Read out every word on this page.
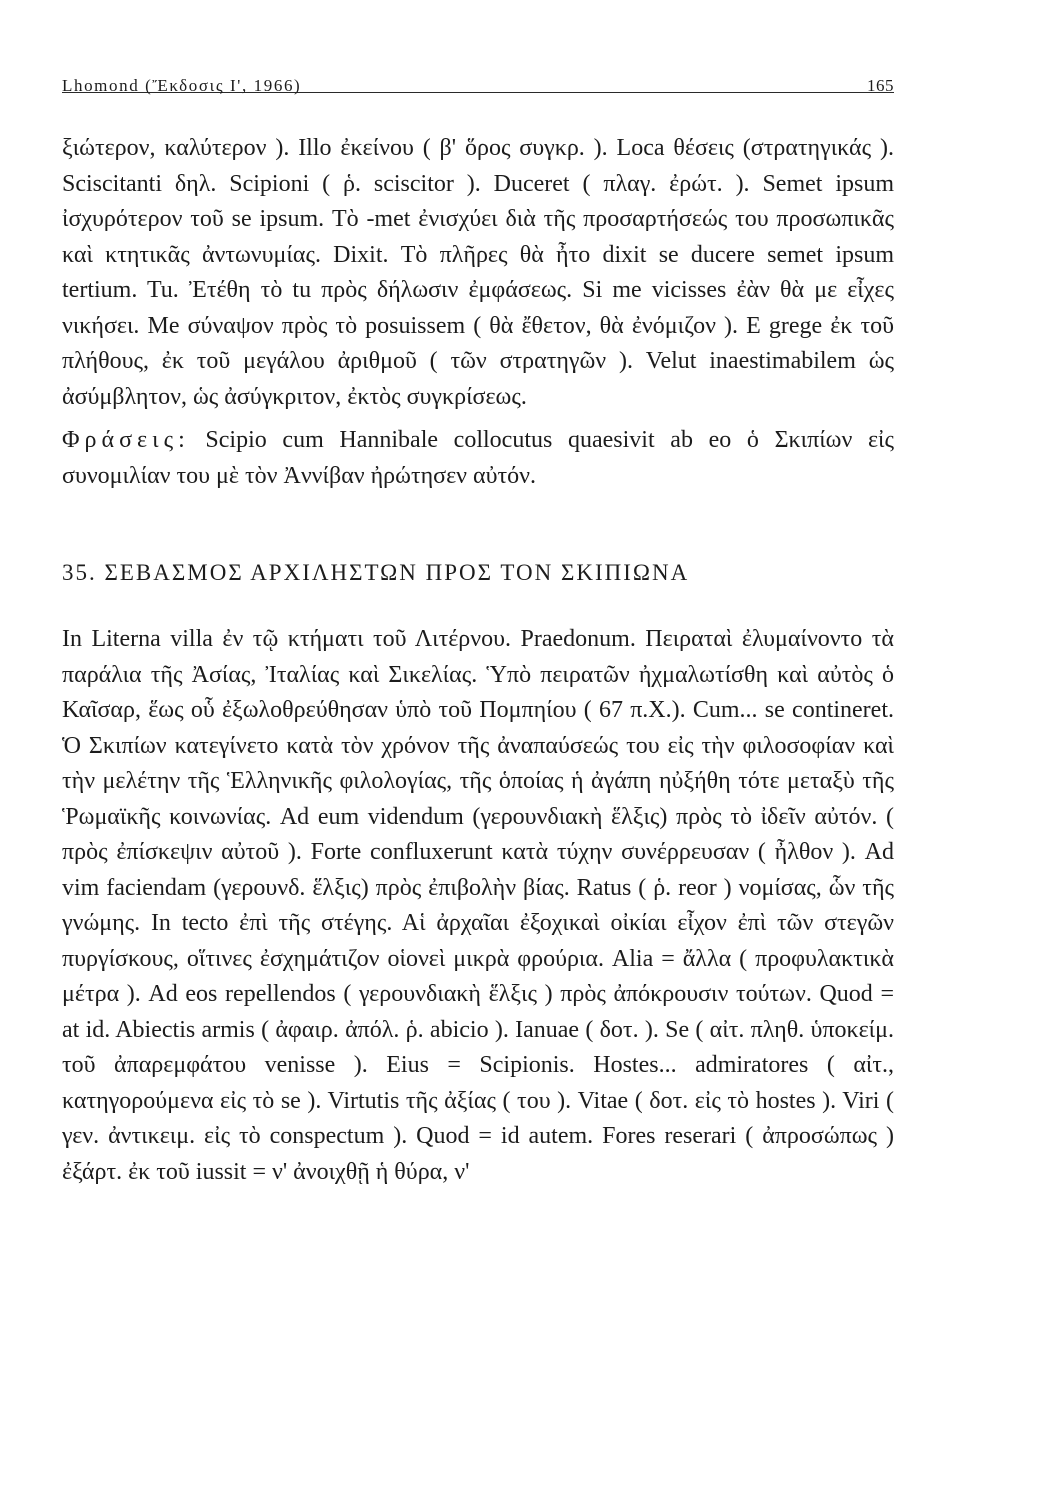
Lhomond (Ἔκδοσις Ι', 1966)	165

ξιώτερον, καλύτερον ). Illo ἐκείνου ( β' ὅρος συγκρ. ). Loca θέσεις (στρατηγικάς ). Sciscitanti δηλ. Scipioni ( ῥ. sciscitor ). Duceret ( πλαγ. ἐρώτ. ). Semet ipsum ἰσχυρότερον τοῦ se ipsum. Τὸ -met ἐνισχύει διὰ τῆς προσαρτήσεώς του προσωπικᾶς καὶ κτητικᾶς ἀντωνυμίας. Dixit. Τὸ πλῆρες θὰ ἦτο dixit se ducere semet ipsum tertium. Tu. Ἐτέθη τὸ tu πρὸς δήλωσιν ἐμφάσεως. Si me vicisses ἐὰν θὰ με εἶχες νικήσει. Me σύναψον πρὸς τὸ posuissem ( θὰ ἔθετον, θὰ ἐνόμιζον ). E grege ἐκ τοῦ πλήθους, ἐκ τοῦ μεγάλου ἀριθμοῦ ( τῶν στρατηγῶν ). Velut inaestimabilem ὡς ἀσύμβλητον, ὡς ἀσύγκριτον, ἐκτὸς συγκρίσεως.

Φράσεις: Scipio cum Hannibale collocutus quaesivit ab eo ὁ Σκιπίων εἰς συνομιλίαν του μὲ τὸν Ἀννίβαν ἠρώτησεν αὐτόν.

35. ΣΕΒΑΣΜΟΣ ΑΡΧΙΛΗΣΤΩΝ ΠΡΟΣ ΤΟΝ ΣΚΙΠΙΩΝΑ

In Literna villa ἐν τῷ κτήματι τοῦ Λιτέρνου. Praedonum. Πειραταὶ ἐλυμαίνοντο τὰ παράλια τῆς Ἀσίας, Ἰταλίας καὶ Σικελίας. Ὑπὸ πειρατῶν ἠχμαλωτίσθη καὶ αὐτὸς ὁ Καῖσαρ, ἕως οὗ ἐξωλοθρεύθησαν ὑπὸ τοῦ Πομπηίου ( 67 π.Χ.). Cum... se contineret. Ὁ Σκιπίων κατεγίνετο κατὰ τὸν χρόνον τῆς ἀναπαύσεώς του εἰς τὴν φιλοσοφίαν καὶ τὴν μελέτην τῆς Ἑλληνικῆς φιλολογίας, τῆς ὁποίας ἡ ἀγάπη ηὐξήθη τότε μεταξὺ τῆς Ῥωμαϊκῆς κοινωνίας. Ad eum videndum (γερουνδιακὴ ἕλξις) πρὸς τὸ ἰδεῖν αὐτόν. ( πρὸς ἐπίσκεψιν αὐτοῦ ). Forte confluxerunt κατὰ τύχην συνέρρευσαν ( ἦλθον ). Ad vim faciendam (γερουνδ. ἕλξις) πρὸς ἐπιβολὴν βίας. Ratus ( ῥ. reor ) νομίσας, ὧν τῆς γνώμης. In tecto ἐπὶ τῆς στέγης. Αἱ ἀρχαῖαι ἐξοχικαὶ οἰκίαι εἶχον ἐπὶ τῶν στεγῶν πυργίσκους, οἵτινες ἐσχημάτιζον οἱονεὶ μικρὰ φρούρια. Alia = ἄλλα ( προφυλακτικὰ μέτρα ). Ad eos repellendos ( γερουνδιακὴ ἕλξις ) πρὸς ἀπόκρουσιν τούτων. Quod = at id. Abiectis armis ( ἀφαιρ. ἀπόλ. ῥ. abicio ). Ianuae ( δοτ. ). Se ( αἰτ. πληθ. ὑποκείμ. τοῦ ἀπαρεμφάτου venisse ). Eius = Scipionis. Hostes... admiratores ( αἰτ., κατηγορούμενα εἰς τὸ se ). Virtutis τῆς ἀξίας ( του ). Vitae ( δοτ. εἰς τὸ hostes ). Viri ( γεν. ἀντικειμ. εἰς τὸ conspectum ). Quod = id autem. Fores reserari ( ἀπροσώπως ) ἐξάρτ. ἐκ τοῦ iussit = ν' ἀνοιχθῇ ἡ θύρα, ν'
